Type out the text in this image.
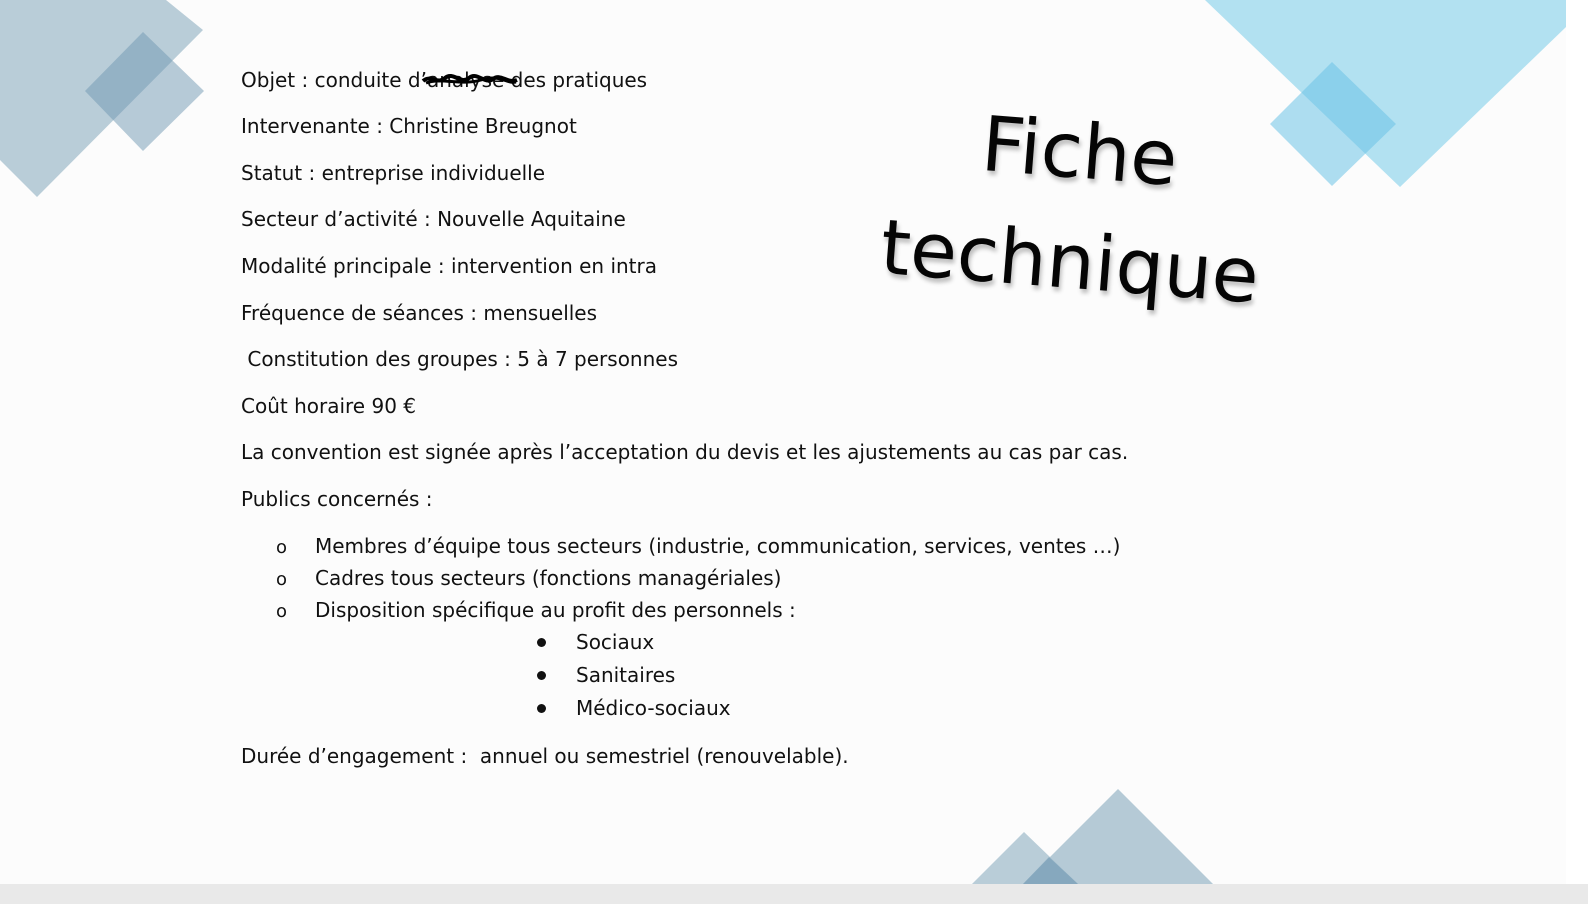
Objet : conduite d’analyse des pratiques
Intervenante : Christine Breugnot
Statut : entreprise individuelle
Secteur d’activité : Nouvelle Aquitaine
Modalité principale : intervention en intra
Fréquence de séances : mensuelles
Constitution des groupes : 5 à 7 personnes
Coût horaire 90 €
La convention est signée après l’acceptation du devis et les ajustements au cas par cas.
Publics concernés :
o Membres d’équipe tous secteurs (industrie, communication, services, ventes …)
o Cadres tous secteurs (fonctions managériales)
o Disposition spécifique au profit des personnels :
Sociaux
Sanitaires
Médico-sociaux
Durée d’engagement :  annuel ou semestriel (renouvelable).
Fiche
technique
